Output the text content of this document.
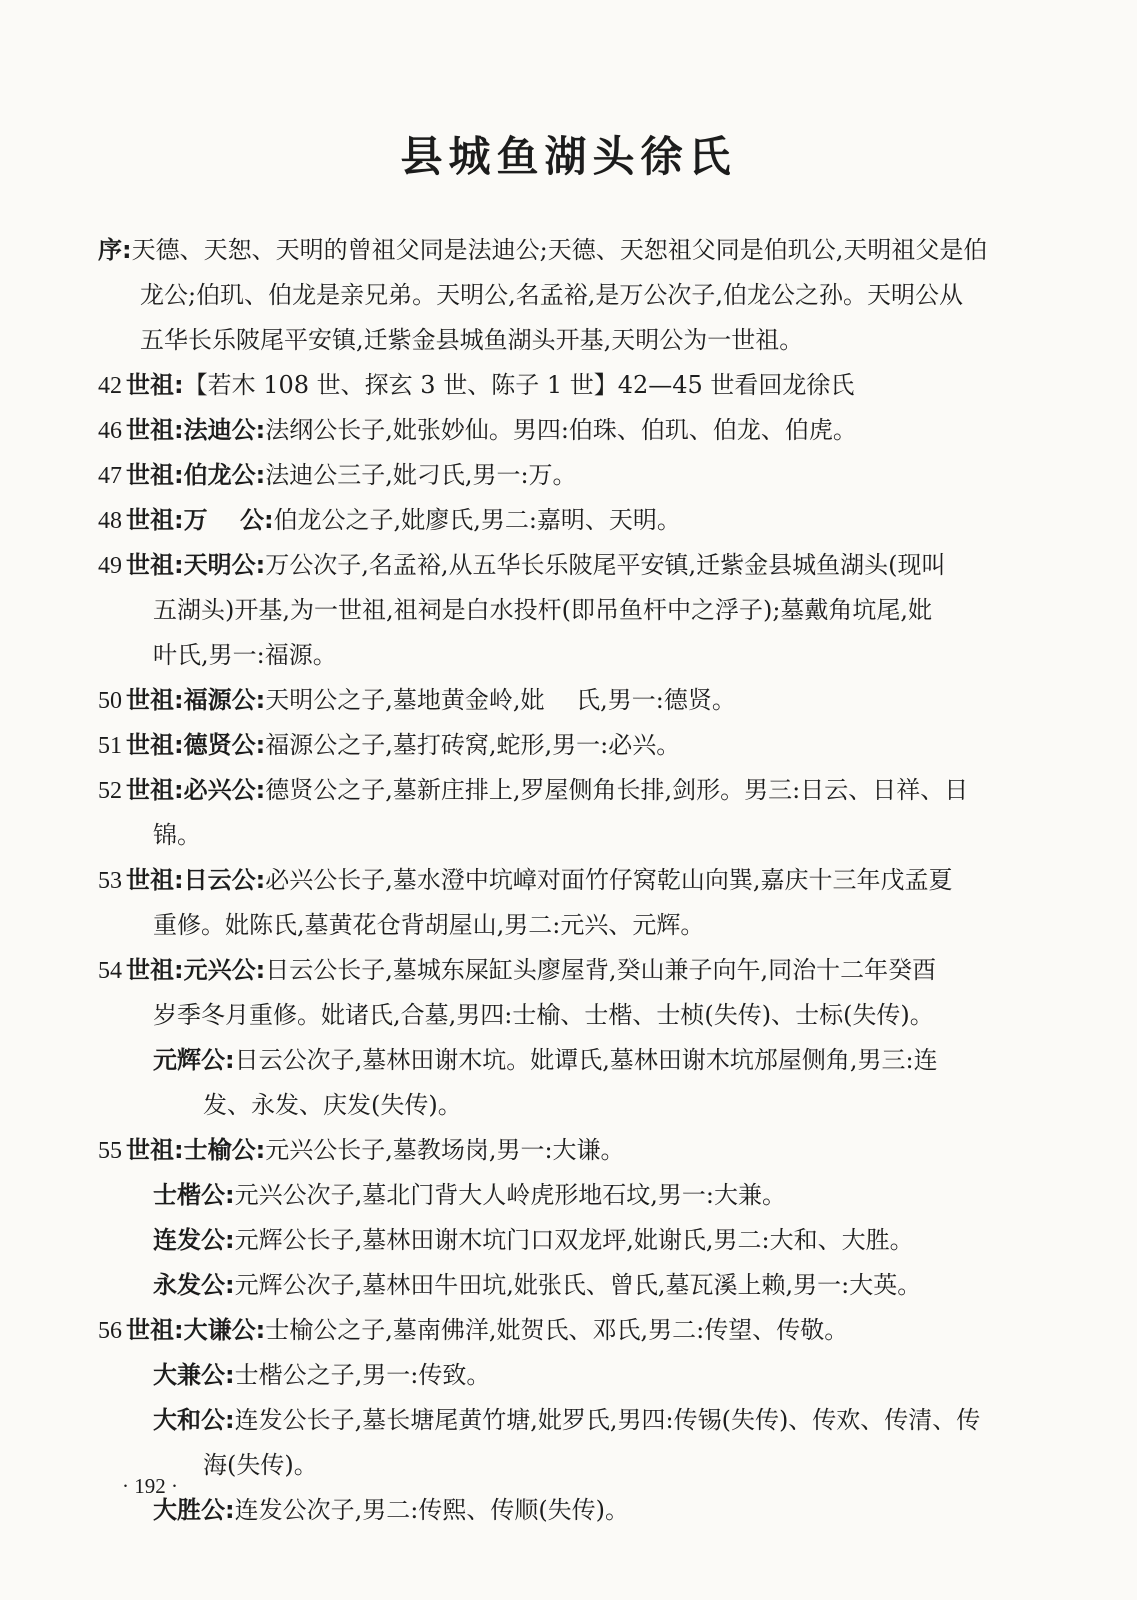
县城鱼湖头徐氏
序:天德、天恕、天明的曾祖父同是法迪公;天德、天恕祖父同是伯玑公,天明祖父是伯
龙公;伯玑、伯龙是亲兄弟。天明公,名孟裕,是万公次子,伯龙公之孙。天明公从
五华长乐陂尾平安镇,迁紫金县城鱼湖头开基,天明公为一世祖。
42 世祖:【若木 108 世、探玄 3 世、陈子 1 世】42—45 世看回龙徐氏
46 世祖:法迪公:法纲公长子,妣张妙仙。男四:伯珠、伯玑、伯龙、伯虎。
47 世祖:伯龙公:法迪公三子,妣刁氏,男一:万。
48 世祖:万　 公:伯龙公之子,妣廖氏,男二:嘉明、天明。
49 世祖:天明公:万公次子,名孟裕,从五华长乐陂尾平安镇,迁紫金县城鱼湖头(现叫
五湖头)开基,为一世祖,祖祠是白水投杆(即吊鱼杆中之浮子);墓戴角坑尾,妣
叶氏,男一:福源。
50 世祖:福源公:天明公之子,墓地黄金岭,妣　 氏,男一:德贤。
51 世祖:德贤公:福源公之子,墓打砖窝,蛇形,男一:必兴。
52 世祖:必兴公:德贤公之子,墓新庄排上,罗屋侧角长排,剑形。男三:日云、日祥、日
锦。
53 世祖:日云公:必兴公长子,墓水澄中坑嶂对面竹仔窝乾山向巽,嘉庆十三年戊孟夏
重修。妣陈氏,墓黄花仓背胡屋山,男二:元兴、元辉。
54 世祖:元兴公:日云公长子,墓城东屎缸头廖屋背,癸山兼子向午,同治十二年癸酉
岁季冬月重修。妣诸氏,合墓,男四:士榆、士楷、士桢(失传)、士标(失传)。
元辉公:日云公次子,墓林田谢木坑。妣谭氏,墓林田谢木坑邡屋侧角,男三:连
发、永发、庆发(失传)。
55 世祖:士榆公:元兴公长子,墓教场岗,男一:大谦。
士楷公:元兴公次子,墓北门背大人岭虎形地石坟,男一:大兼。
连发公:元辉公长子,墓林田谢木坑门口双龙坪,妣谢氏,男二:大和、大胜。
永发公:元辉公次子,墓林田牛田坑,妣张氏、曾氏,墓瓦溪上赖,男一:大英。
56 世祖:大谦公:士榆公之子,墓南佛洋,妣贺氏、邓氏,男二:传望、传敬。
大兼公:士楷公之子,男一:传致。
大和公:连发公长子,墓长塘尾黄竹塘,妣罗氏,男四:传锡(失传)、传欢、传清、传
海(失传)。
大胜公:连发公次子,男二:传熙、传顺(失传)。
· 192 ·
